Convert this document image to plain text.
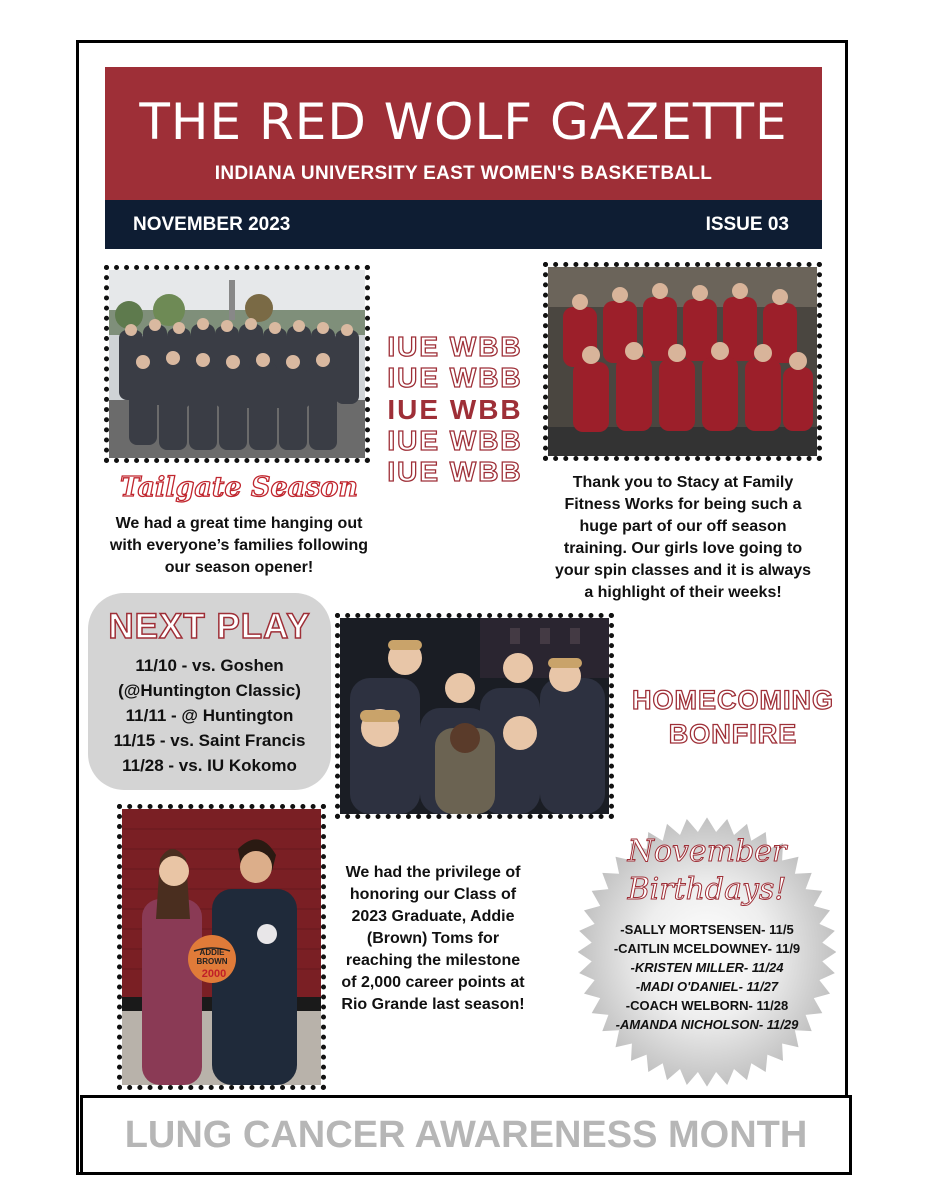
THE RED WOLF GAZETTE
INDIANA UNIVERSITY EAST WOMEN'S BASKETBALL
NOVEMBER 2023	ISSUE 03
IUE WBB
IUE WBB
IUE WBB
IUE WBB
IUE WBB
Tailgate Season
We had a great time hanging out with everyone’s families following our season opener!
Thank you to Stacy at Family Fitness Works for being such a huge part of our off season training. Our girls love going to your spin classes and it is always a highlight of their weeks!
NEXT PLAY
11/10 - vs. Goshen
(@Huntington Classic)
11/11 - @ Huntington
11/15 - vs. Saint Francis
11/28 - vs. IU Kokomo
HOMECOMING
BONFIRE
ADDIE
BROWN
2000
We had the privilege of honoring our Class of 2023 Graduate, Addie (Brown) Toms for reaching the milestone of 2,000 career points at Rio Grande last season!
November
Birthdays!
-SALLY MORTSENSEN- 11/5
-CAITLIN MCELDOWNEY- 11/9
-KRISTEN MILLER- 11/24
-MADI O'DANIEL- 11/27
-COACH WELBORN- 11/28
-AMANDA NICHOLSON- 11/29
LUNG CANCER AWARENESS MONTH
